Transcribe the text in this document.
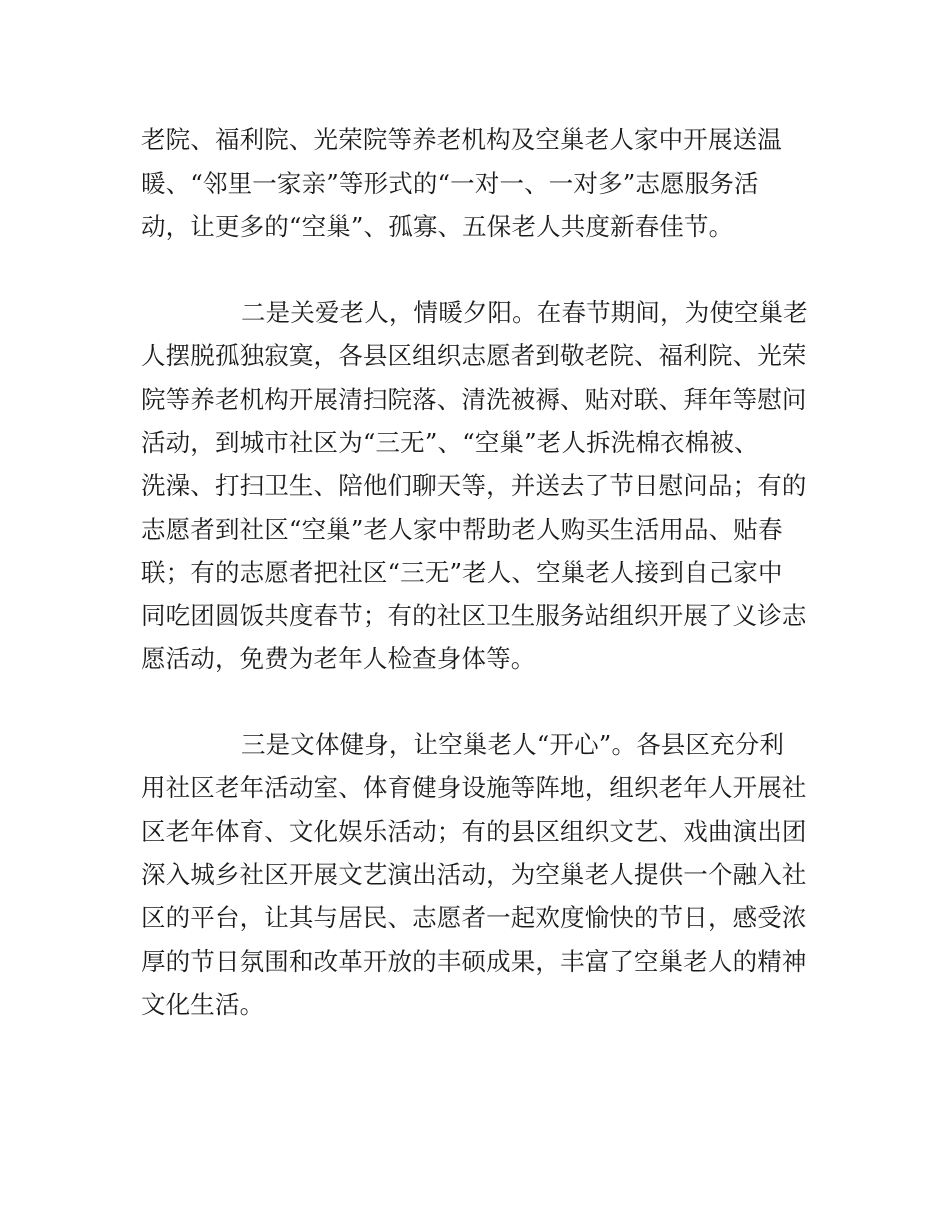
老院、福利院、光荣院等养老机构及空巢老人家中开展送温
暖、“邻里一家亲”等形式的“一对一、一对多”志愿服务活
动，让更多的“空巢”、孤寡、五保老人共度新春佳节。
二是关爱老人，情暖夕阳。在春节期间，为使空巢老
人摆脱孤独寂寞，各县区组织志愿者到敬老院、福利院、光荣
院等养老机构开展清扫院落、清洗被褥、贴对联、拜年等慰问
活动，到城市社区为“三无”、“空巢”老人拆洗棉衣棉被、
洗澡、打扫卫生、陪他们聊天等，并送去了节日慰问品；有的
志愿者到社区“空巢”老人家中帮助老人购买生活用品、贴春
联；有的志愿者把社区“三无”老人、空巢老人接到自己家中
同吃团圆饭共度春节；有的社区卫生服务站组织开展了义诊志
愿活动，免费为老年人检查身体等。
三是文体健身，让空巢老人“开心”。各县区充分利
用社区老年活动室、体育健身设施等阵地，组织老年人开展社
区老年体育、文化娱乐活动；有的县区组织文艺、戏曲演出团
深入城乡社区开展文艺演出活动，为空巢老人提供一个融入社
区的平台，让其与居民、志愿者一起欢度愉快的节日，感受浓
厚的节日氛围和改革开放的丰硕成果，丰富了空巢老人的精神
文化生活。
